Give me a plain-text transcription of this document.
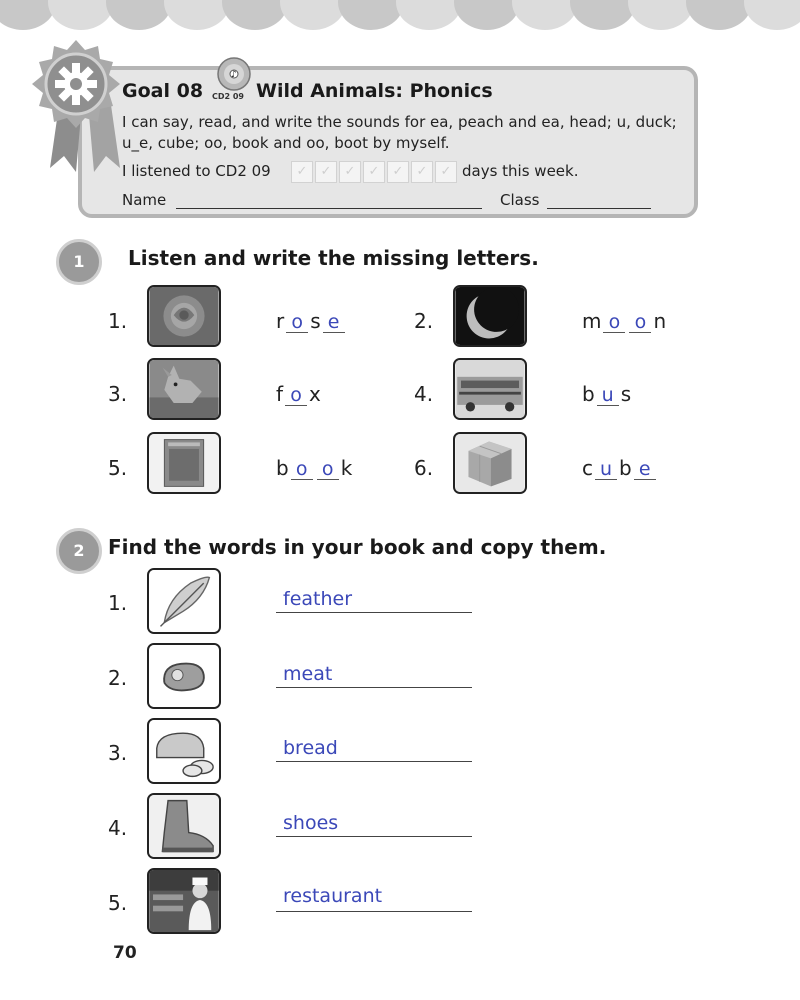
Goal 08
♪
CD2 09 Wild Animals: Phonics
I can say, read, and write the sounds for ea, peach and ea, head; u, duck; u_e, cube; oo, book and oo, boot by myself.
I listened to CD2 09	✓	✓	✓	✓	✓	✓	✓ days this week.
Name	Class
1	Listen and write the missing letters.
1.	r o s e	2.	m o o n
3.	f o x	4.	b u s
5.	b o o k	6.	c u b e
2	Find the words in your book and copy them.
1.	feather
2.	meat
3.	bread
4.	shoes
5.	restaurant
70
